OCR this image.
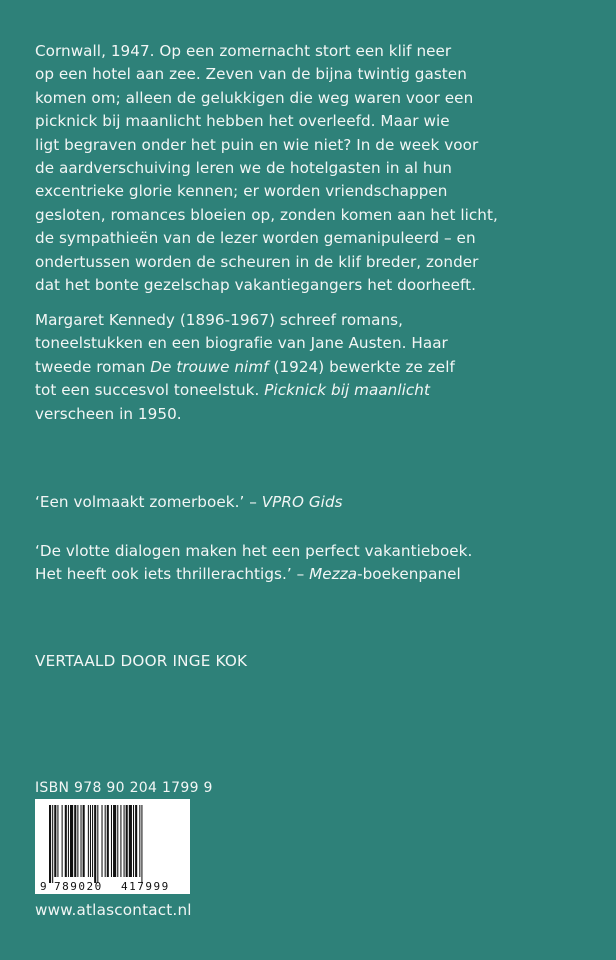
Cornwall, 1947. Op een zomernacht stort een klif neer
op een hotel aan zee. Zeven van de bijna twintig gasten
komen om; alleen de gelukkigen die weg waren voor een
picknick bij maanlicht hebben het overleefd. Maar wie
ligt begraven onder het puin en wie niet? In de week voor
de aardverschuiving leren we de hotelgasten in al hun
excentrieke glorie kennen; er worden vriendschappen
gesloten, romances bloeien op, zonden komen aan het licht,
de sympathieën van de lezer worden gemanipuleerd – en
ondertussen worden de scheuren in de klif breder, zonder
dat het bonte gezelschap vakantiegangers het doorheeft.
Margaret Kennedy (1896-1967) schreef romans,
toneelstukken en een biografie van Jane Austen. Haar
tweede roman De trouwe nimf (1924) bewerkte ze zelf
tot een succesvol toneelstuk. Picknick bij maanlicht
verscheen in 1950.
‘Een volmaakt zomerboek.’ – VPRO Gids
‘De vlotte dialogen maken het een perfect vakantieboek.
Het heeft ook iets thrillerachtigs.’ – Mezza-boekenpanel
VERTAALD DOOR INGE KOK
ISBN 978 90 204 1799 9
9 789020 417999
www.atlascontact.nl
